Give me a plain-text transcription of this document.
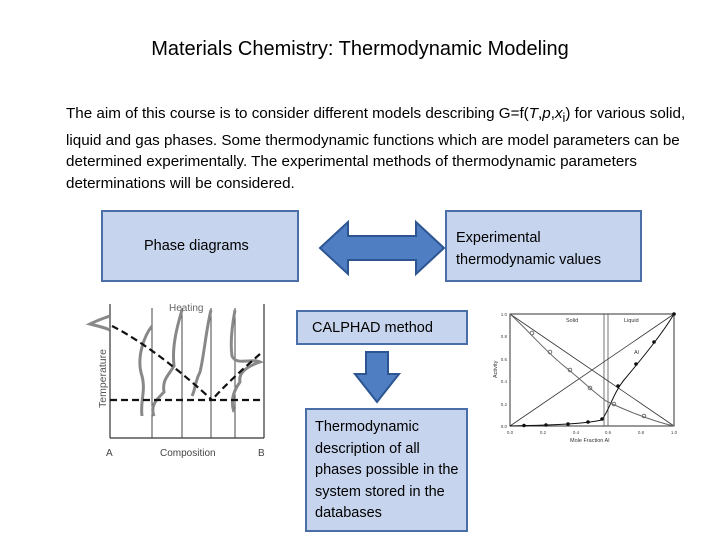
Materials Chemistry: Thermodynamic Modeling
The aim of this course is to consider different models describing $G=f(T,p,x_i)$ for various solid, liquid and gas phases. Some thermodynamic functions which are model parameters can be determined experimentally. The experimental methods of thermodynamic parameters determinations will be considered.
Phase diagrams	Experimental thermodynamic values
CALPHAD method
Thermodynamic description of all phases possible in the system stored in the databases
Heating
Temperature
Composition
A	B
Solid	Liquid
Al
1.0
0.8
0.6
0.4
0.2
0.0
0.0	0.2	0.4	0.6	0.8	1.0
Activity
Mole Fraction Al
